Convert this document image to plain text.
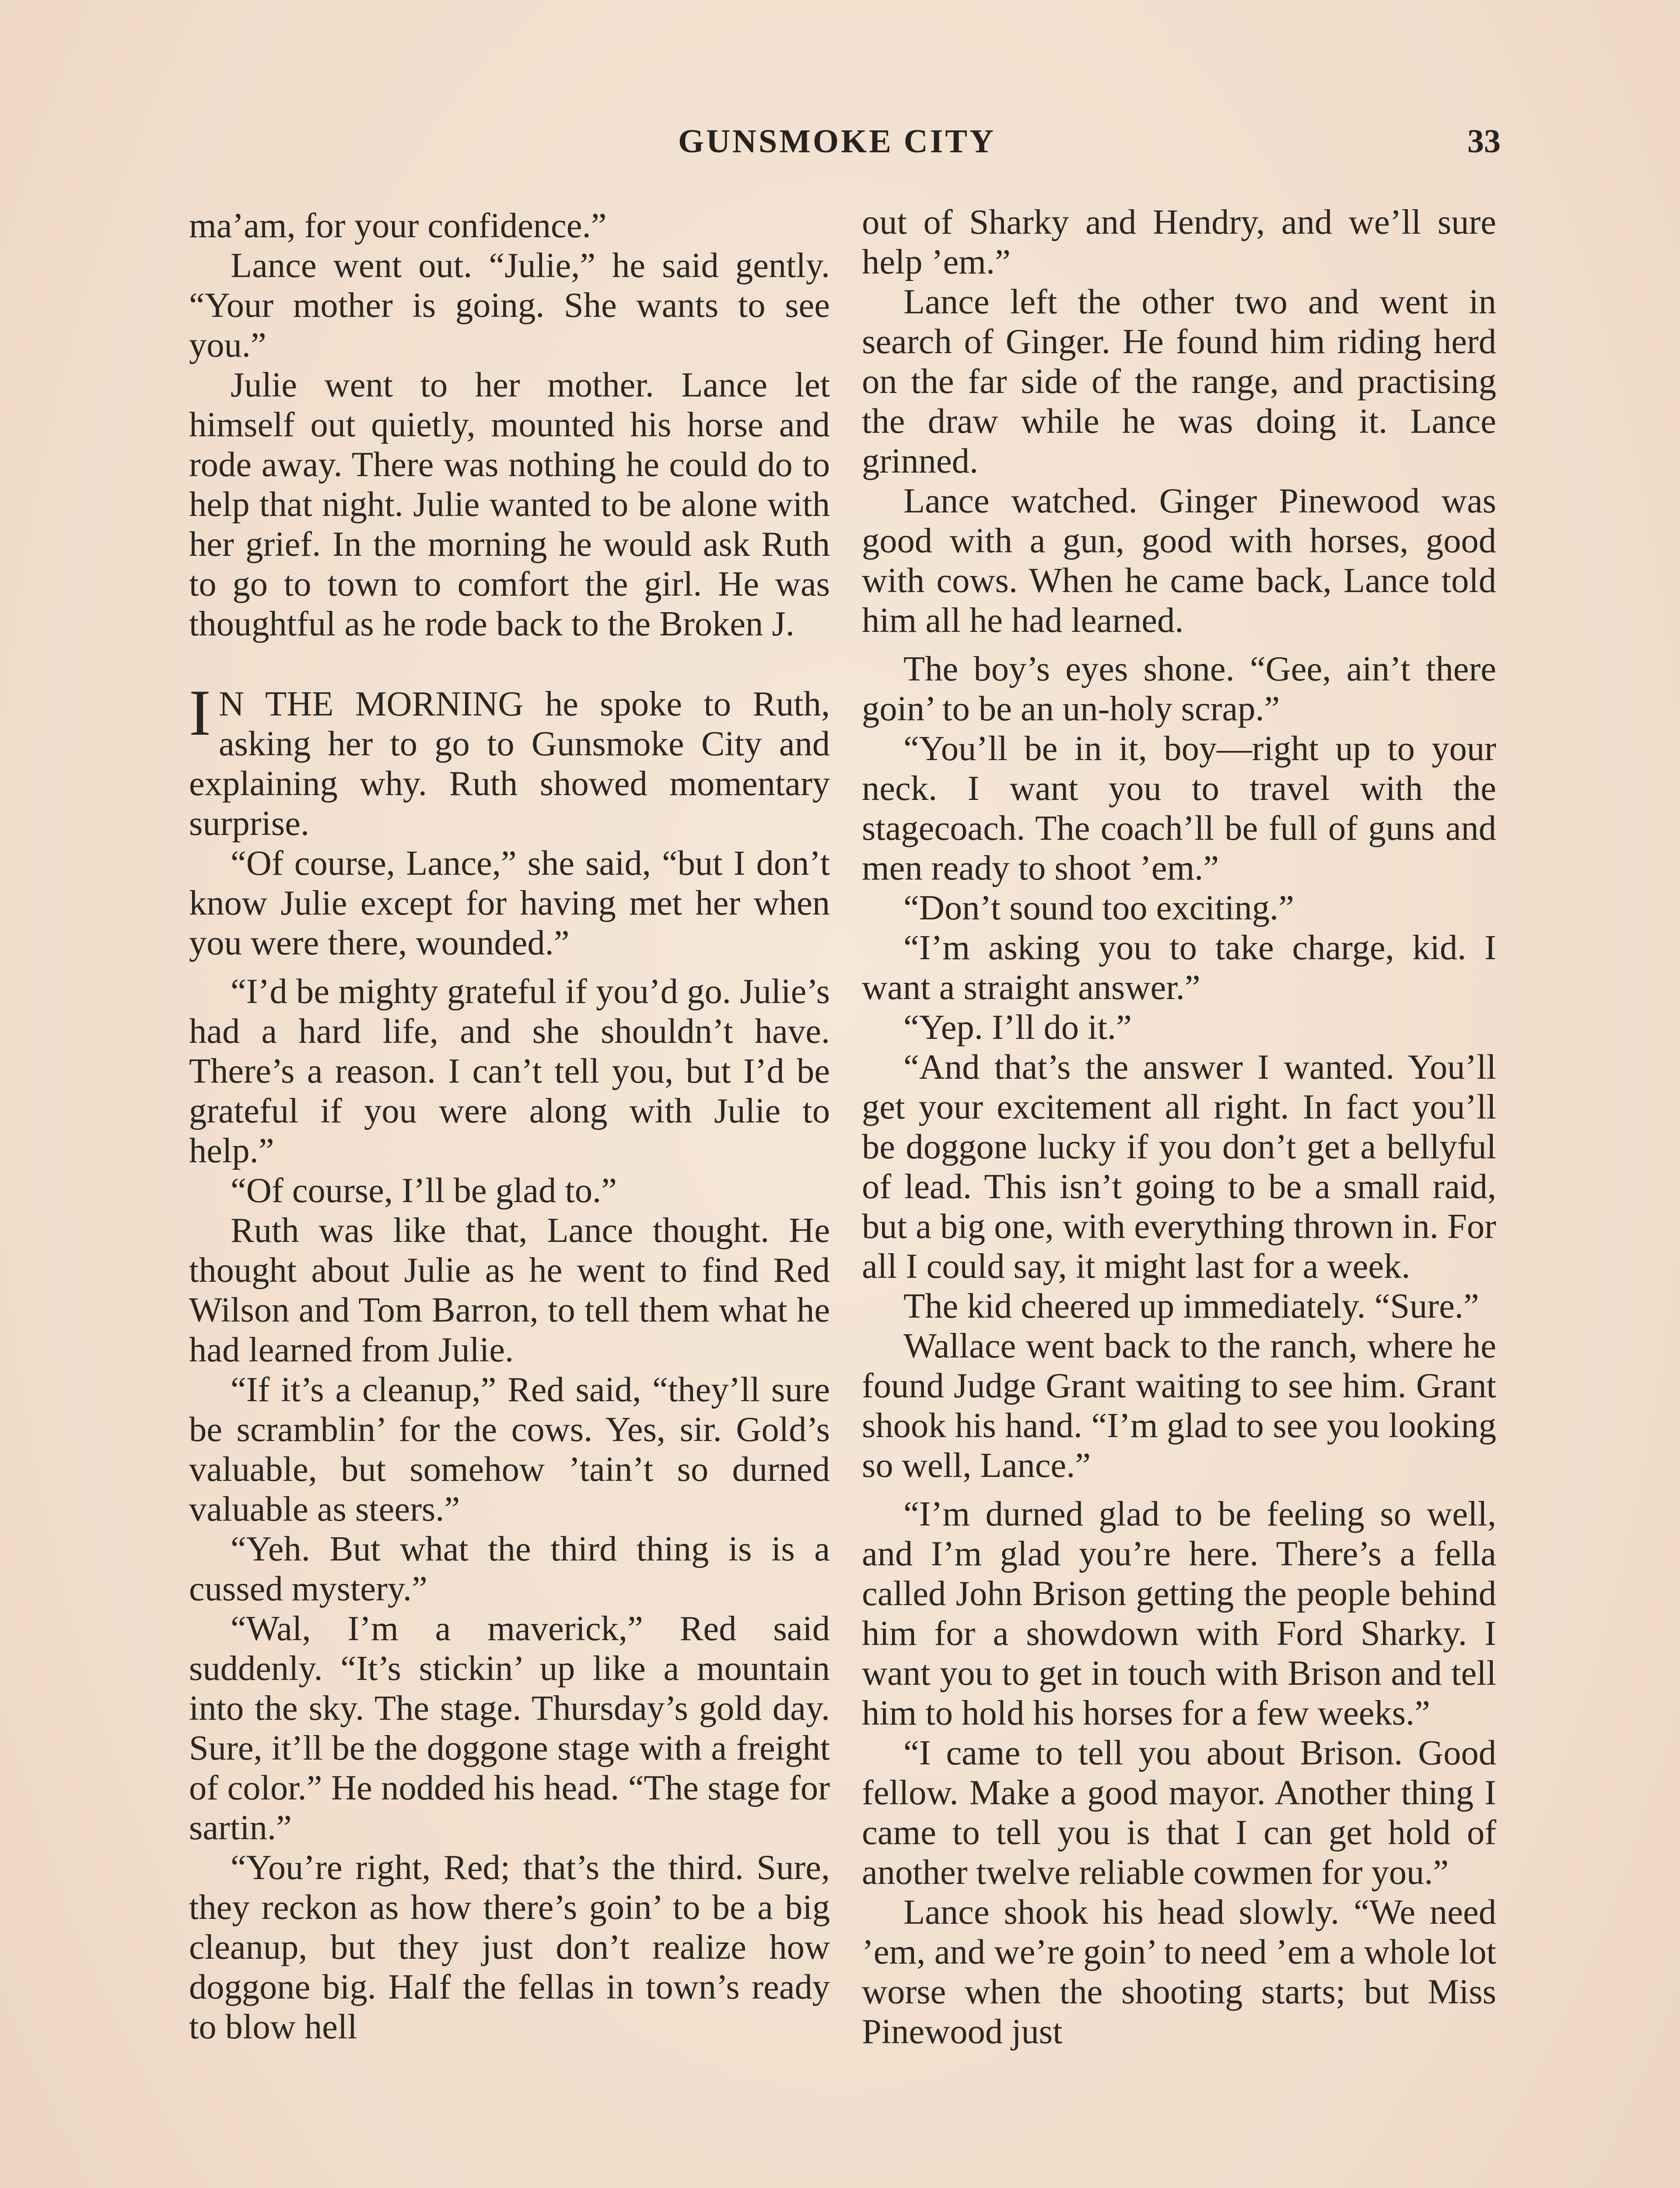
GUNSMOKE CITY	33

ma’am, for your confidence.”

Lance went out. “Julie,” he said gently. “Your mother is going. She wants to see you.”

Julie went to her mother. Lance let himself out quietly, mounted his horse and rode away. There was nothing he could do to help that night. Julie wanted to be alone with her grief. In the morning he would ask Ruth to go to town to comfort the girl. He was thoughtful as he rode back to the Broken J.

I N THE MORNING he spoke to Ruth, asking her to go to Gunsmoke City and explaining why. Ruth showed momentary surprise.

“Of course, Lance,” she said, “but I don’t know Julie except for having met her when you were there, wounded.”

“I’d be mighty grateful if you’d go. Julie’s had a hard life, and she shouldn’t have. There’s a reason. I can’t tell you, but I’d be grateful if you were along with Julie to help.”

“Of course, I’ll be glad to.”

Ruth was like that, Lance thought. He thought about Julie as he went to find Red Wilson and Tom Barron, to tell them what he had learned from Julie.

“If it’s a cleanup,” Red said, “they’ll sure be scramblin’ for the cows. Yes, sir. Gold’s valuable, but somehow ’tain’t so durned valuable as steers.”

“Yeh. But what the third thing is is a cussed mystery.”

“Wal, I’m a maverick,” Red said suddenly. “It’s stickin’ up like a mountain into the sky. The stage. Thursday’s gold day. Sure, it’ll be the doggone stage with a freight of color.” He nodded his head. “The stage for sartin.”

“You’re right, Red; that’s the third. Sure, they reckon as how there’s goin’ to be a big cleanup, but they just don’t realize how doggone big. Half the fellas in town’s ready to blow hell

out of Sharky and Hendry, and we’ll sure help ’em.”

Lance left the other two and went in search of Ginger. He found him riding herd on the far side of the range, and practising the draw while he was doing it. Lance grinned.

Lance watched. Ginger Pinewood was good with a gun, good with horses, good with cows. When he came back, Lance told him all he had learned.

The boy’s eyes shone. “Gee, ain’t there goin’ to be an un-holy scrap.”

“You’ll be in it, boy—right up to your neck. I want you to travel with the stagecoach. The coach’ll be full of guns and men ready to shoot ’em.”

“Don’t sound too exciting.”

“I’m asking you to take charge, kid. I want a straight answer.”

“Yep. I’ll do it.”

“And that’s the answer I wanted. You’ll get your excitement all right. In fact you’ll be doggone lucky if you don’t get a bellyful of lead. This isn’t going to be a small raid, but a big one, with everything thrown in. For all I could say, it might last for a week.

The kid cheered up immediately. “Sure.”

Wallace went back to the ranch, where he found Judge Grant waiting to see him. Grant shook his hand. “I’m glad to see you looking so well, Lance.”

“I’m durned glad to be feeling so well, and I’m glad you’re here. There’s a fella called John Brison getting the people behind him for a showdown with Ford Sharky. I want you to get in touch with Brison and tell him to hold his horses for a few weeks.”

“I came to tell you about Brison. Good fellow. Make a good mayor. Another thing I came to tell you is that I can get hold of another twelve reliable cowmen for you.”

Lance shook his head slowly. “We need ’em, and we’re goin’ to need ’em a whole lot worse when the shooting starts; but Miss Pinewood just
